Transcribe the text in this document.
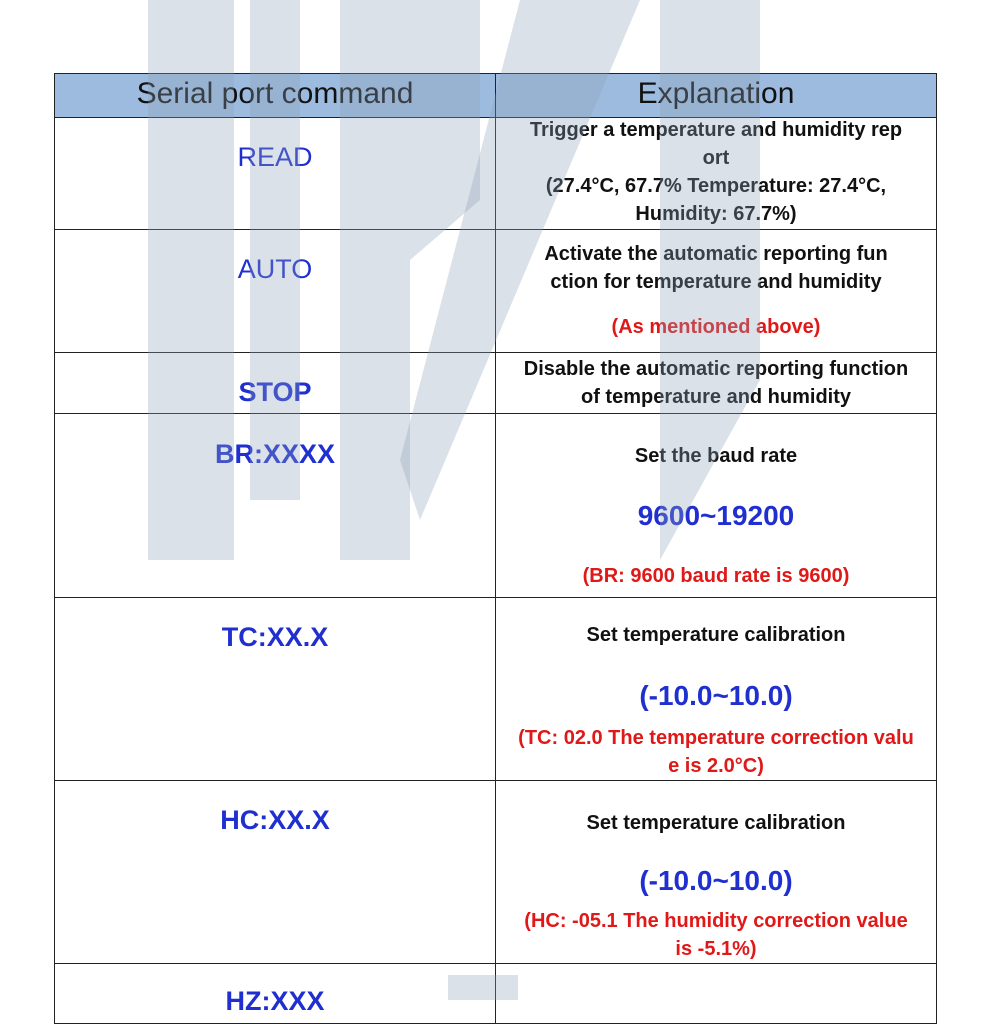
Serial port command	Explanation

READ	Trigger a temperature and humidity rep
ort
(27.4°C, 67.7% Temperature: 27.4°C,
Humidity: 67.7%)

AUTO	Activate the automatic reporting fun
ction for temperature and humidity
(As mentioned above)

STOP	Disable the automatic reporting function
of temperature and humidity

BR:XXXX	Set the baud rate
9600~19200
(BR: 9600 baud rate is 9600)

TC:XX.X	Set temperature calibration
(-10.0~10.0)
(TC: 02.0 The temperature correction valu
e is 2.0°C)

HC:XX.X	Set temperature calibration
(-10.0~10.0)
(HC: -05.1 The humidity correction value
is -5.1%)

HZ:XXX	
